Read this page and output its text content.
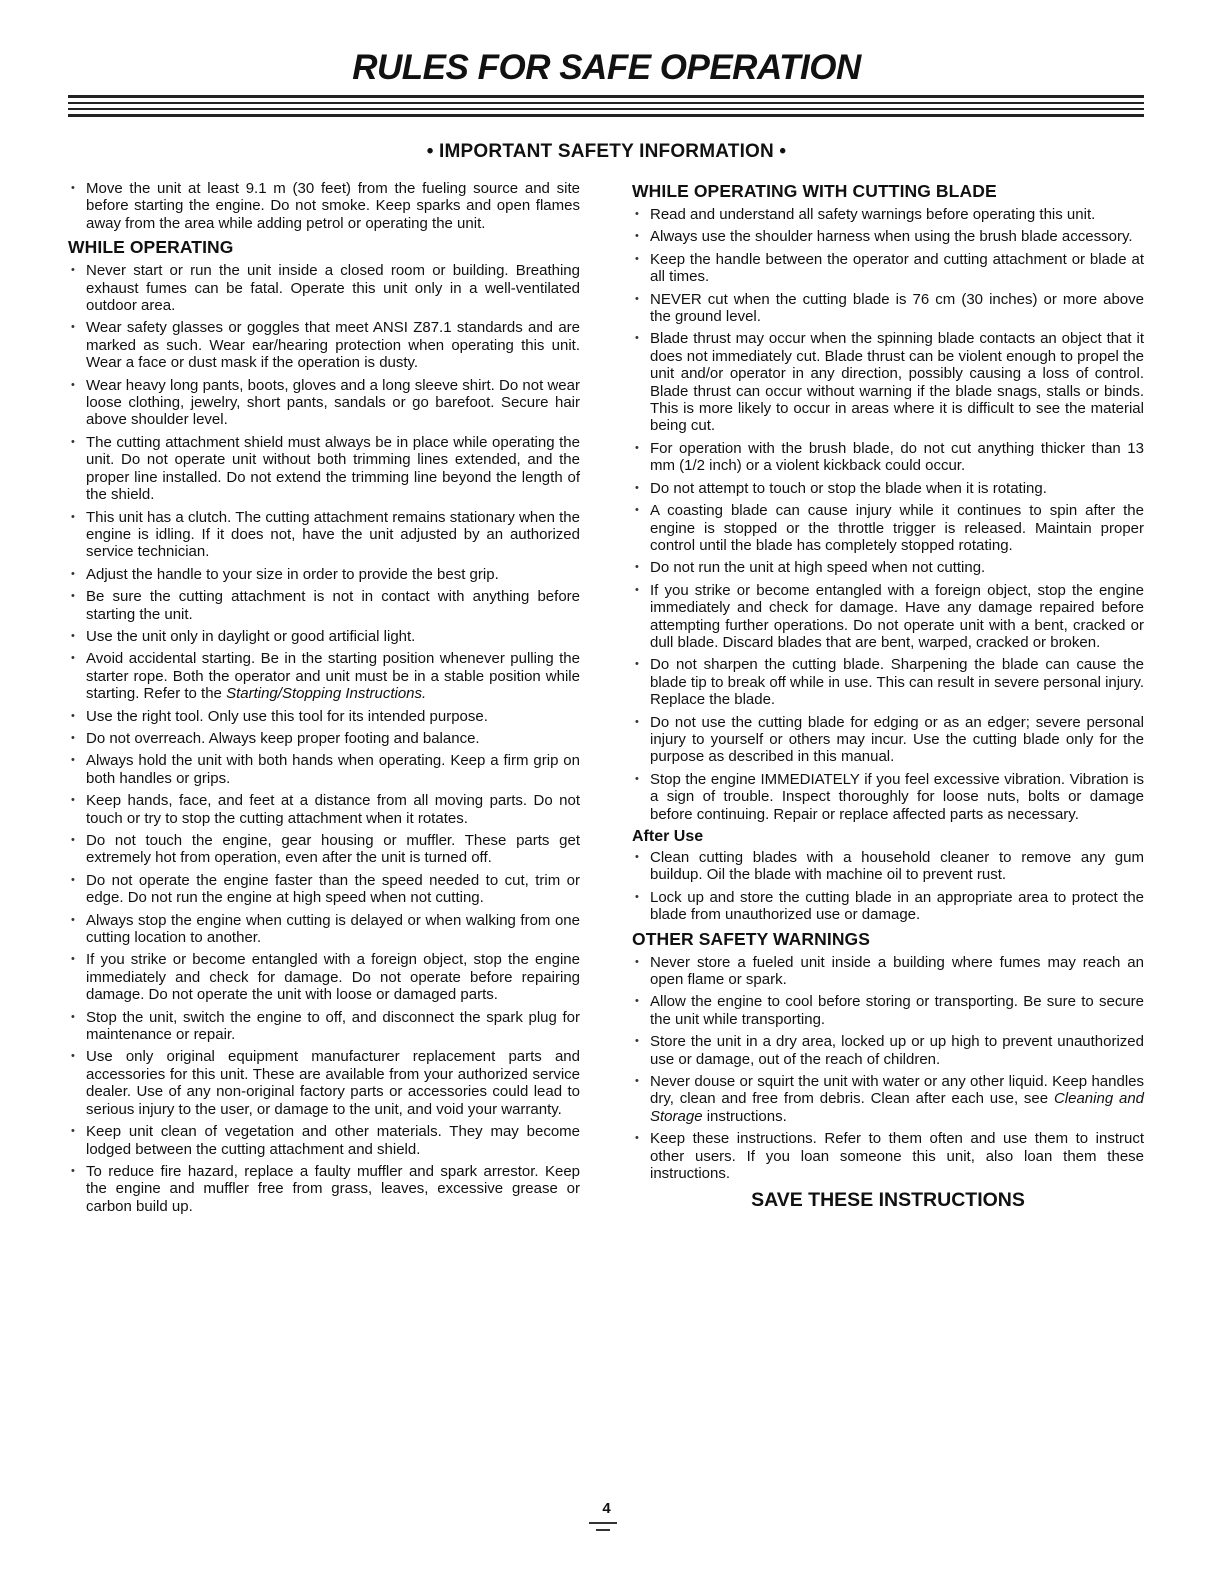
RULES FOR SAFE OPERATION
• IMPORTANT SAFETY INFORMATION •
• Move the unit at least 9.1 m (30 feet) from the fueling source and site before starting the engine. Do not smoke. Keep sparks and open flames away from the area while adding petrol or operating the unit.
WHILE OPERATING
• Never start or run the unit inside a closed room or building. Breathing exhaust fumes can be fatal. Operate this unit only in a well-ventilated outdoor area.
• Wear safety glasses or goggles that meet ANSI Z87.1 standards and are marked as such. Wear ear/hearing protection when operating this unit. Wear a face or dust mask if the operation is dusty.
• Wear heavy long pants, boots, gloves and a long sleeve shirt. Do not wear loose clothing, jewelry, short pants, sandals or go barefoot. Secure hair above shoulder level.
• The cutting attachment shield must always be in place while operating the unit. Do not operate unit without both trimming lines extended, and the proper line installed. Do not extend the trimming line beyond the length of the shield.
• This unit has a clutch. The cutting attachment remains stationary when the engine is idling. If it does not, have the unit adjusted by an authorized service technician.
• Adjust the handle to your size in order to provide the best grip.
• Be sure the cutting attachment is not in contact with anything before starting the unit.
• Use the unit only in daylight or good artificial light.
• Avoid accidental starting. Be in the starting position whenever pulling the starter rope. Both the operator and unit must be in a stable position while starting. Refer to the Starting/Stopping Instructions.
• Use the right tool. Only use this tool for its intended purpose.
• Do not overreach. Always keep proper footing and balance.
• Always hold the unit with both hands when operating. Keep a firm grip on both handles or grips.
• Keep hands, face, and feet at a distance from all moving parts. Do not touch or try to stop the cutting attachment when it rotates.
• Do not touch the engine, gear housing or muffler. These parts get extremely hot from operation, even after the unit is turned off.
• Do not operate the engine faster than the speed needed to cut, trim or edge. Do not run the engine at high speed when not cutting.
• Always stop the engine when cutting is delayed or when walking from one cutting location to another.
• If you strike or become entangled with a foreign object, stop the engine immediately and check for damage. Do not operate before repairing damage. Do not operate the unit with loose or damaged parts.
• Stop the unit, switch the engine to off, and disconnect the spark plug for maintenance or repair.
• Use only original equipment manufacturer replacement parts and accessories for this unit. These are available from your authorized service dealer. Use of any non-original factory parts or accessories could lead to serious injury to the user, or damage to the unit, and void your warranty.
• Keep unit clean of vegetation and other materials. They may become lodged between the cutting attachment and shield.
• To reduce fire hazard, replace a faulty muffler and spark arrestor. Keep the engine and muffler free from grass, leaves, excessive grease or carbon build up.
WHILE OPERATING WITH CUTTING BLADE
• Read and understand all safety warnings before operating this unit.
• Always use the shoulder harness when using the brush blade accessory.
• Keep the handle between the operator and cutting attachment or blade at all times.
• NEVER cut when the cutting blade is 76 cm (30 inches) or more above the ground level.
• Blade thrust may occur when the spinning blade contacts an object that it does not immediately cut. Blade thrust can be violent enough to propel the unit and/or operator in any direction, possibly causing a loss of control. Blade thrust can occur without warning if the blade snags, stalls or binds. This is more likely to occur in areas where it is difficult to see the material being cut.
• For operation with the brush blade, do not cut anything thicker than 13 mm (1/2 inch) or a violent kickback could occur.
• Do not attempt to touch or stop the blade when it is rotating.
• A coasting blade can cause injury while it continues to spin after the engine is stopped or the throttle trigger is released. Maintain proper control until the blade has completely stopped rotating.
• Do not run the unit at high speed when not cutting.
• If you strike or become entangled with a foreign object, stop the engine immediately and check for damage. Have any damage repaired before attempting further operations. Do not operate unit with a bent, cracked or dull blade. Discard blades that are bent, warped, cracked or broken.
• Do not sharpen the cutting blade. Sharpening the blade can cause the blade tip to break off while in use. This can result in severe personal injury. Replace the blade.
• Do not use the cutting blade for edging or as an edger; severe personal injury to yourself or others may incur. Use the cutting blade only for the purpose as described in this manual.
• Stop the engine IMMEDIATELY if you feel excessive vibration. Vibration is a sign of trouble. Inspect thoroughly for loose nuts, bolts or damage before continuing. Repair or replace affected parts as necessary.
After Use
• Clean cutting blades with a household cleaner to remove any gum buildup. Oil the blade with machine oil to prevent rust.
• Lock up and store the cutting blade in an appropriate area to protect the blade from unauthorized use or damage.
OTHER SAFETY WARNINGS
• Never store a fueled unit inside a building where fumes may reach an open flame or spark.
• Allow the engine to cool before storing or transporting. Be sure to secure the unit while transporting.
• Store the unit in a dry area, locked up or up high to prevent unauthorized use or damage, out of the reach of children.
• Never douse or squirt the unit with water or any other liquid. Keep handles dry, clean and free from debris. Clean after each use, see Cleaning and Storage instructions.
• Keep these instructions. Refer to them often and use them to instruct other users. If you loan someone this unit, also loan them these instructions.
SAVE THESE INSTRUCTIONS
4
